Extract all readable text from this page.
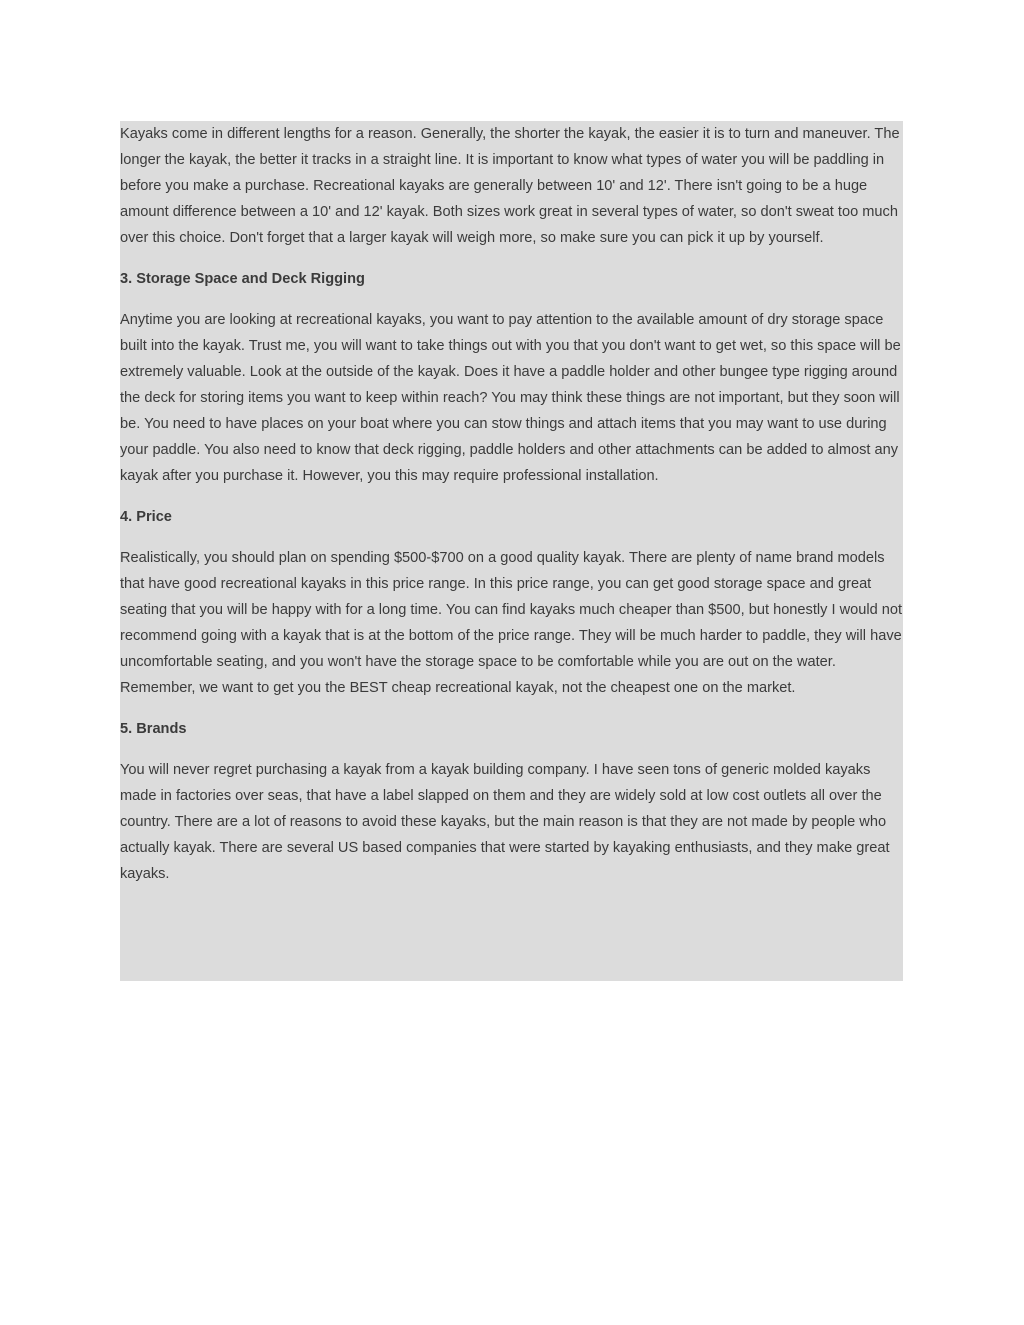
Kayaks come in different lengths for a reason. Generally, the shorter the kayak, the easier it is to turn and maneuver. The longer the kayak, the better it tracks in a straight line. It is important to know what types of water you will be paddling in before you make a purchase. Recreational kayaks are generally between 10' and 12'. There isn't going to be a huge amount difference between a 10' and 12' kayak. Both sizes work great in several types of water, so don't sweat too much over this choice. Don't forget that a larger kayak will weigh more, so make sure you can pick it up by yourself.

3. Storage Space and Deck Rigging

Anytime you are looking at recreational kayaks, you want to pay attention to the available amount of dry storage space built into the kayak. Trust me, you will want to take things out with you that you don't want to get wet, so this space will be extremely valuable. Look at the outside of the kayak. Does it have a paddle holder and other bungee type rigging around the deck for storing items you want to keep within reach? You may think these things are not important, but they soon will be. You need to have places on your boat where you can stow things and attach items that you may want to use during your paddle. You also need to know that deck rigging, paddle holders and other attachments can be added to almost any kayak after you purchase it. However, you this may require professional installation.

4. Price

Realistically, you should plan on spending $500-$700 on a good quality kayak. There are plenty of name brand models that have good recreational kayaks in this price range. In this price range, you can get good storage space and great seating that you will be happy with for a long time. You can find kayaks much cheaper than $500, but honestly I would not recommend going with a kayak that is at the bottom of the price range. They will be much harder to paddle, they will have uncomfortable seating, and you won't have the storage space to be comfortable while you are out on the water. Remember, we want to get you the BEST cheap recreational kayak, not the cheapest one on the market.

5. Brands

You will never regret purchasing a kayak from a kayak building company. I have seen tons of generic molded kayaks made in factories over seas, that have a label slapped on them and they are widely sold at low cost outlets all over the country. There are a lot of reasons to avoid these kayaks, but the main reason is that they are not made by people who actually kayak. There are several US based companies that were started by kayaking enthusiasts, and they make great kayaks.
